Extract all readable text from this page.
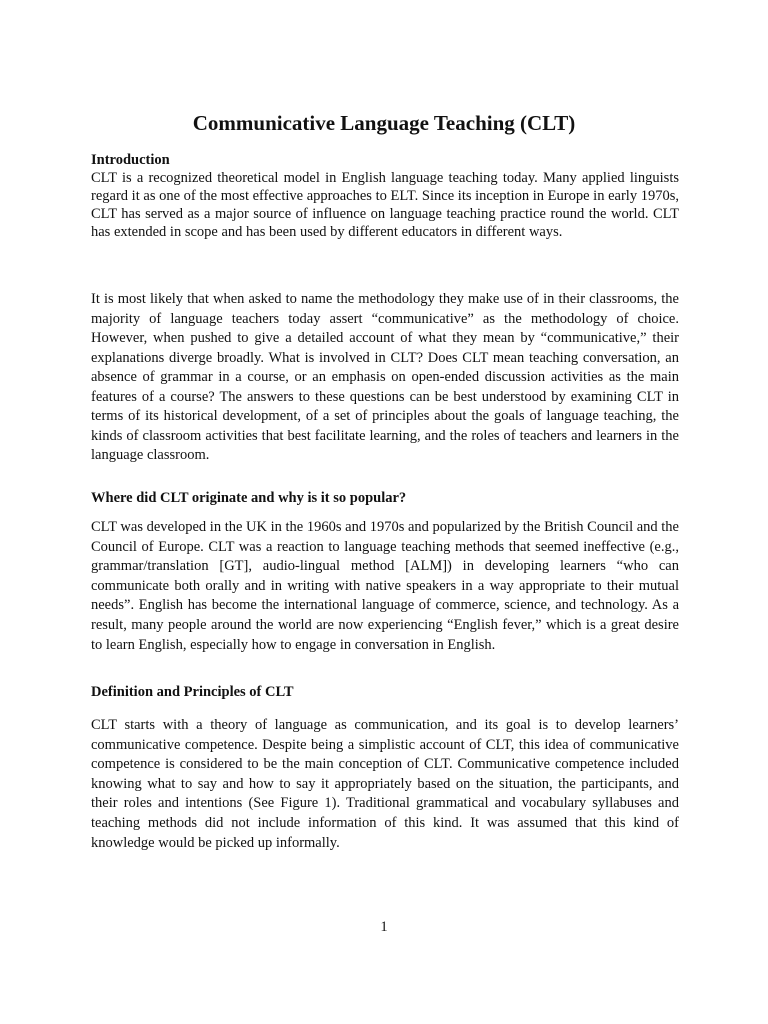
Communicative Language Teaching (CLT)
Introduction

CLT is a recognized theoretical model in English language teaching today. Many applied linguists regard it as one of the most effective approaches to ELT. Since its inception in Europe in early 1970s, CLT has served as a major source of influence on language teaching practice round the world. CLT has extended in scope and has been used by different educators in different ways.

It is most likely that when asked to name the methodology they make use of in their classrooms, the majority of language teachers today assert “communicative” as the methodology of choice. However, when pushed to give a detailed account of what they mean by “communicative,” their explanations diverge broadly. What is involved in CLT? Does CLT mean teaching conversation, an absence of grammar in a course, or an emphasis on open-ended discussion activities as the main features of a course? The answers to these questions can be best understood by examining CLT in terms of its historical development, of a set of principles about the goals of language teaching, the kinds of classroom activities that best facilitate learning, and the roles of teachers and learners in the language classroom.

Where did CLT originate and why is it so popular?

CLT was developed in the UK in the 1960s and 1970s and popularized by the British Council and the Council of Europe. CLT was a reaction to language teaching methods that seemed ineffective (e.g., grammar/translation [GT], audio-lingual method [ALM]) in developing learners “who can communicate both orally and in writing with native speakers in a way appropriate to their mutual needs”. English has become the international language of commerce, science, and technology. As a result, many people around the world are now experiencing “English fever,” which is a great desire to learn English, especially how to engage in conversation in English.

Definition and Principles of CLT

CLT starts with a theory of language as communication, and its goal is to develop learners’ communicative competence. Despite being a simplistic account of CLT, this idea of communicative competence is considered to be the main conception of CLT. Communicative competence included knowing what to say and how to say it appropriately based on the situation, the participants, and their roles and intentions (See Figure 1). Traditional grammatical and vocabulary syllabuses and teaching methods did not include information of this kind. It was assumed that this kind of knowledge would be picked up informally.

1
